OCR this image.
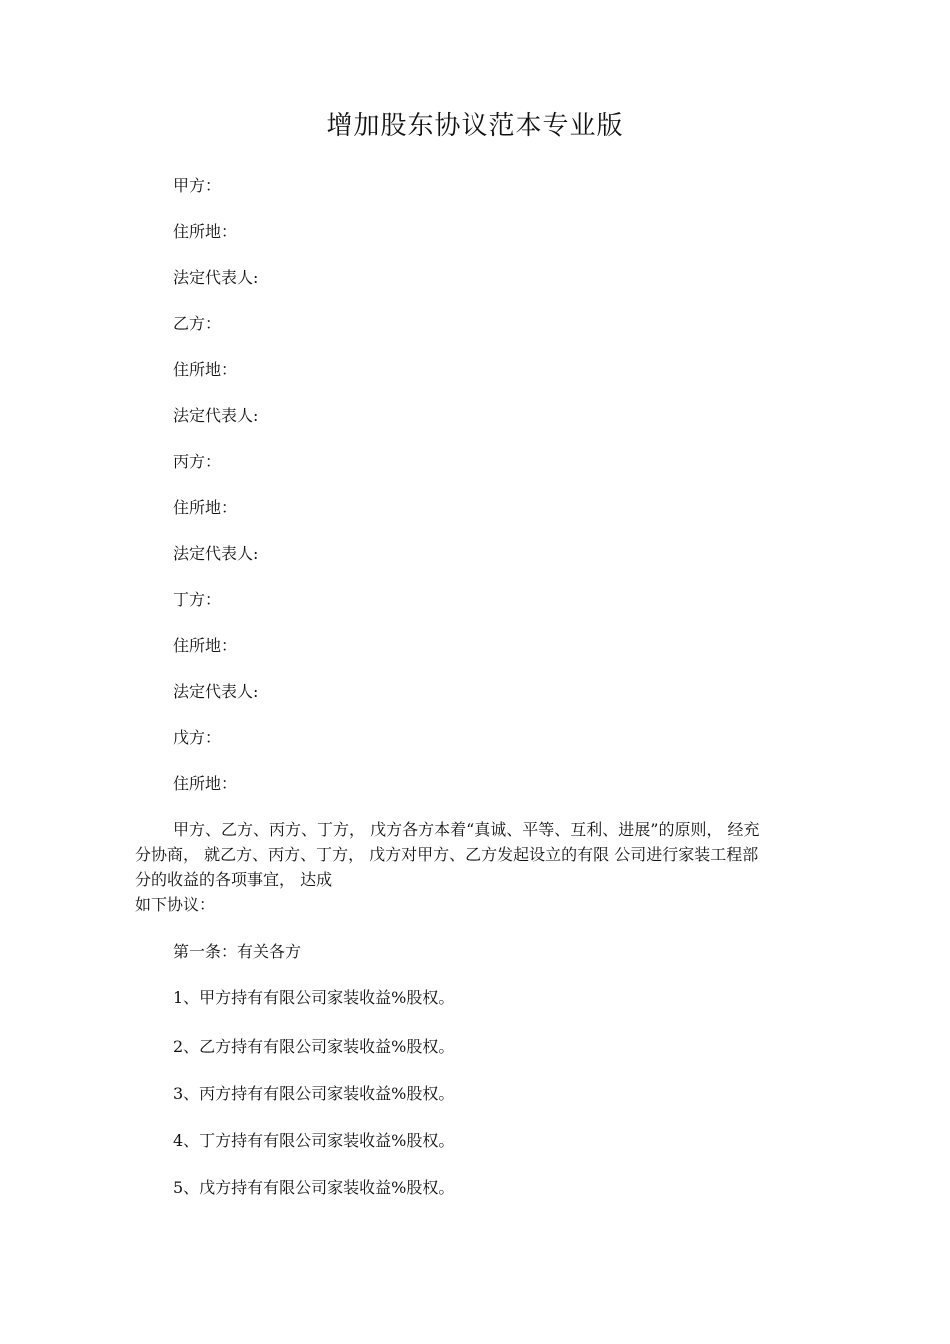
增加股东协议范本专业版
甲方：
住所地：
法定代表人:
乙方：
住所地：
法定代表人:
丙方：
住所地：
法定代表人:
丁方：
住所地：
法定代表人:
戊方：
住所地：
甲方、乙方、丙方、丁方， 戊方各方本着“真诚、平等、互利、进展”的原则， 经充
分协商， 就乙方、丙方、丁方， 戊方对甲方、乙方发起设立的有限 公司进行家装工程部
分的收益的各项事宜， 达成
如下协议：
第一条：有关各方
1、甲方持有有限公司家装收益%股权。
2、乙方持有有限公司家装收益%股权。
3、丙方持有有限公司家装收益%股权。
4、丁方持有有限公司家装收益%股权。
5、戊方持有有限公司家装收益%股权。
